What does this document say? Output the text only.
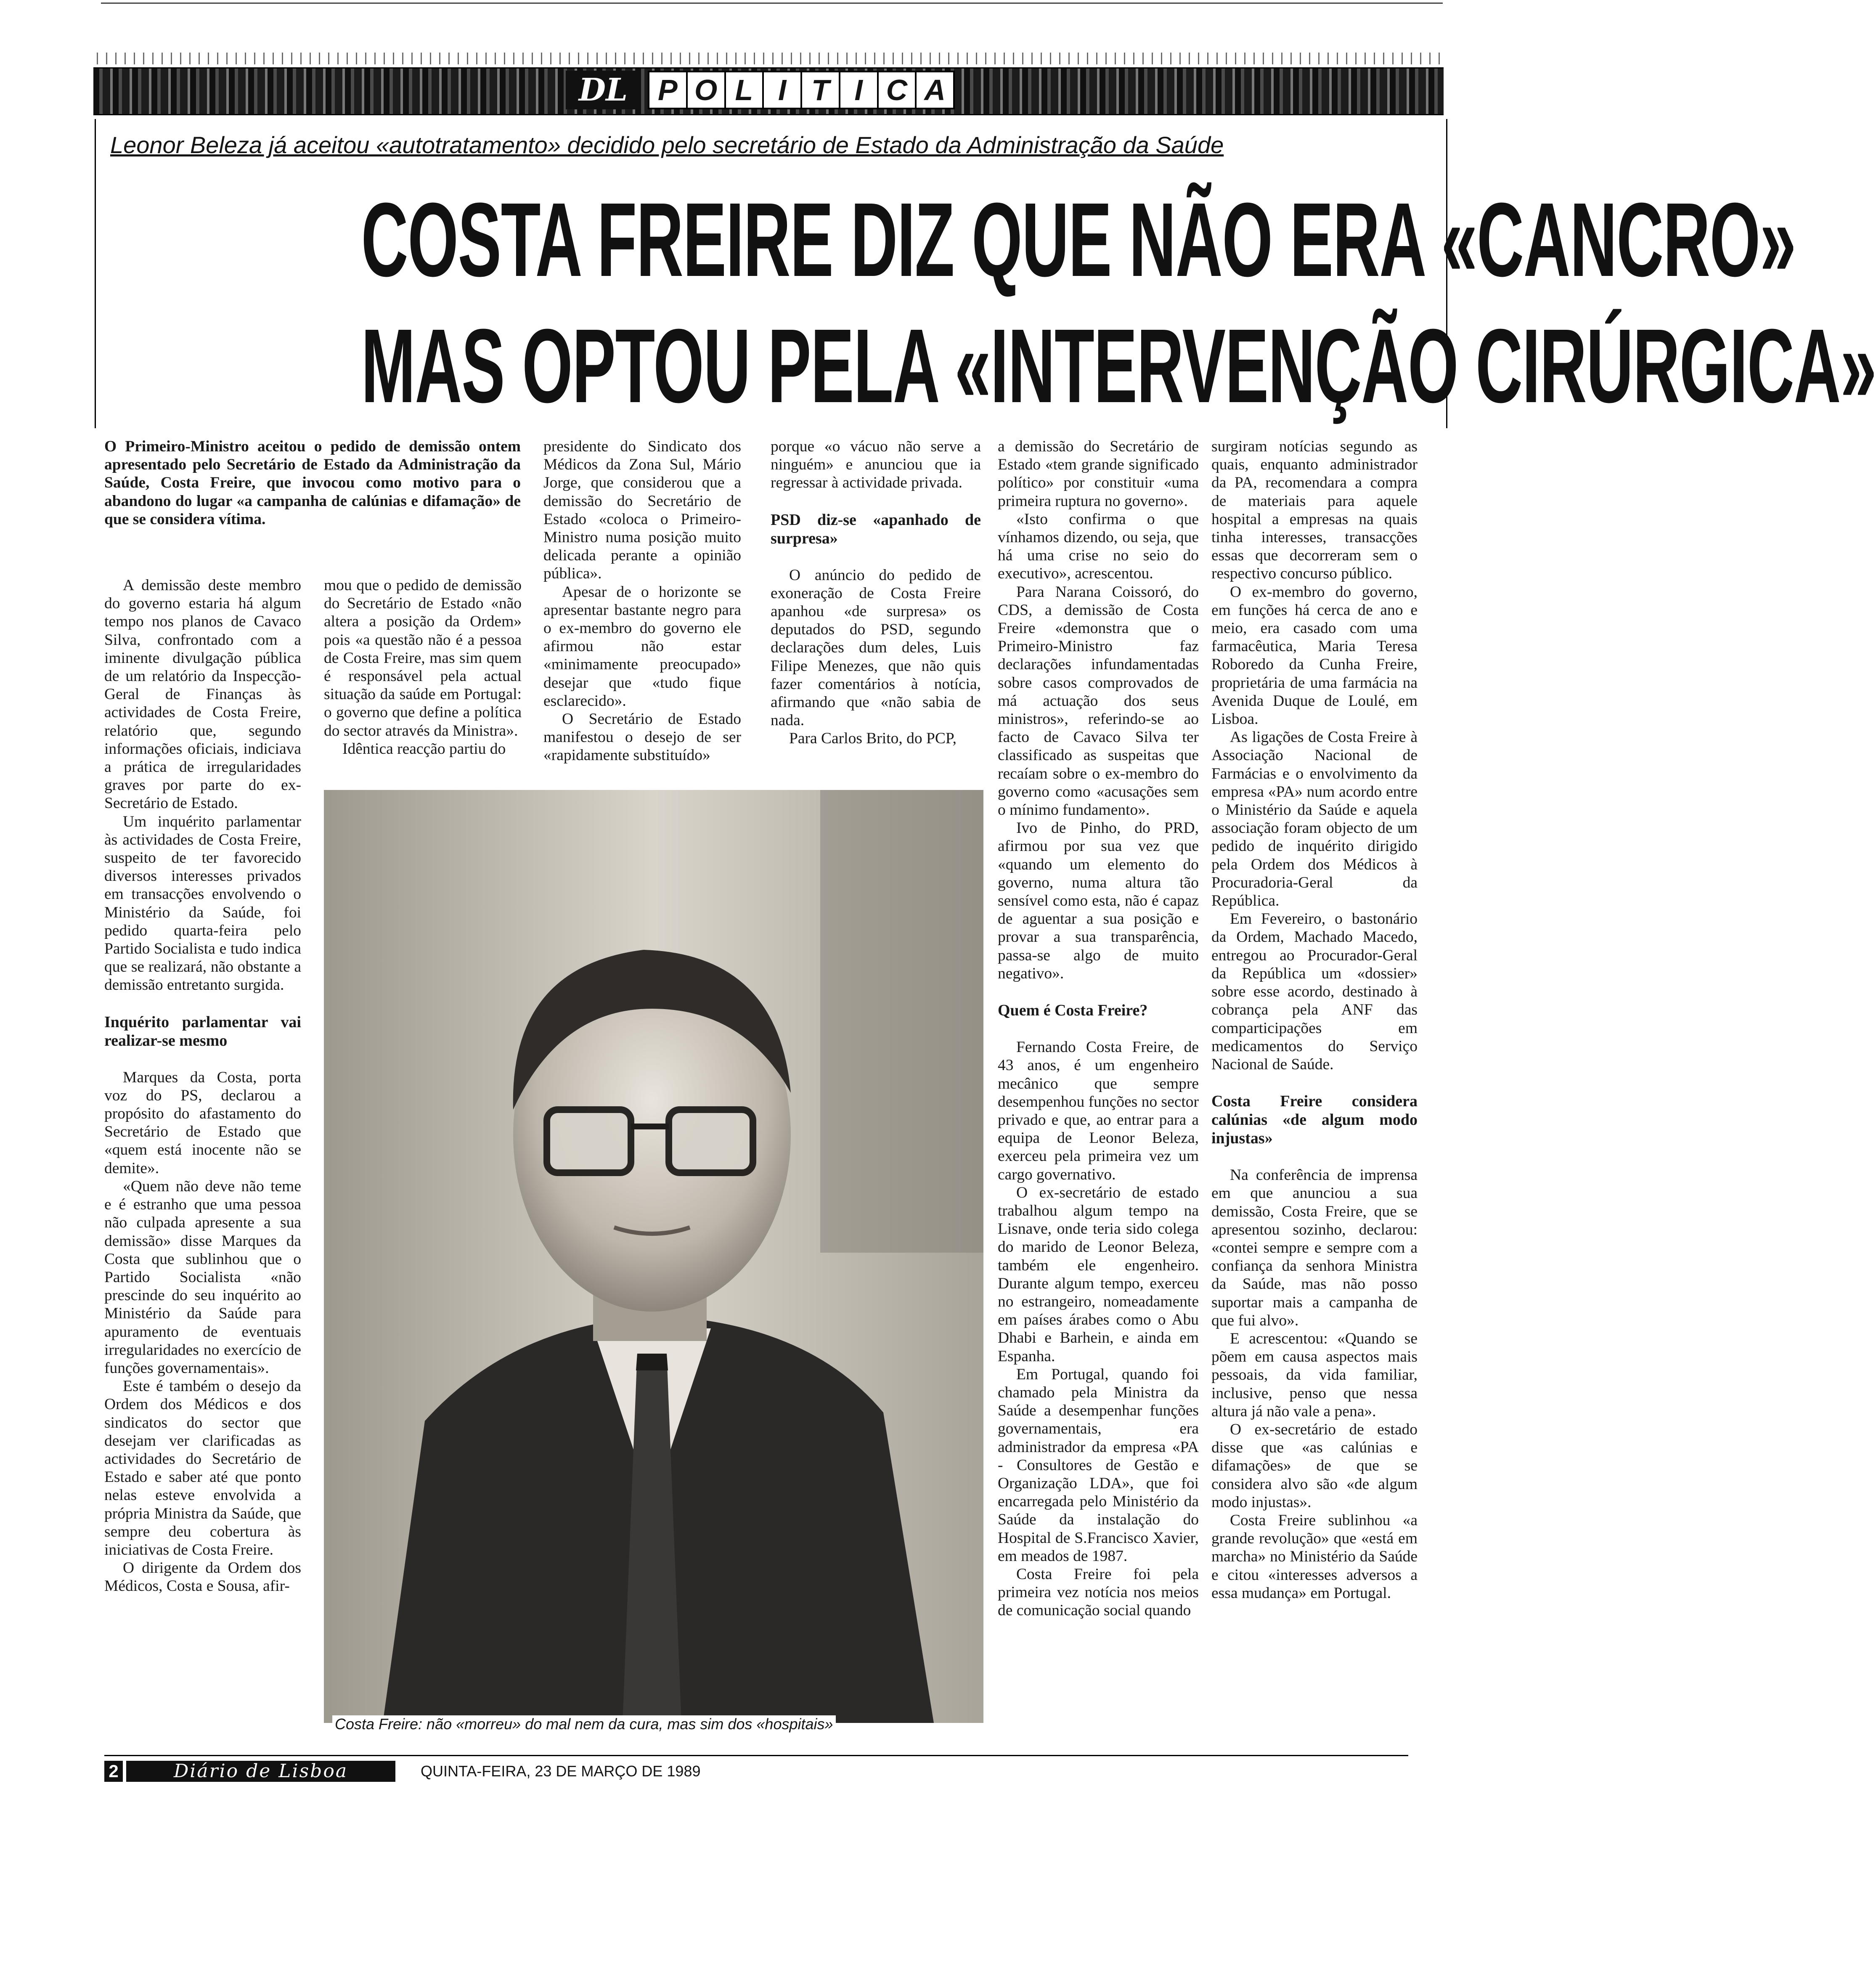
DL	P O L I T I C A
Leonor Beleza já aceitou «autotratamento» decidido pelo secretário de Estado da Administração da Saúde
COSTA FREIRE DIZ QUE NÃO ERA «CANCRO»
MAS OPTOU PELA «INTERVENÇÃO CIRÚRGICA»

O Primeiro-Ministro aceitou o pedido de demissão ontem apresentado pelo Secretário de Estado da Administração da Saúde, Costa Freire, que invocou como motivo para o abandono do lugar «a campanha de calúnias e difamação» de que se considera vítima.

A demissão deste membro do governo estaria há algum tempo nos planos de Cavaco Silva, confrontado com a iminente divulgação pública de um relatório da Inspecção-Geral de Finanças às actividades de Costa Freire, relatório que, segundo informações oficiais, indiciava a prática de irregularidades graves por parte do ex-Secretário de Estado.

Um inquérito parlamentar às actividades de Costa Freire, suspeito de ter favorecido diversos interesses privados em transacções envolvendo o Ministério da Saúde, foi pedido quarta-feira pelo Partido Socialista e tudo indica que se realizará, não obstante a demissão entretanto surgida.

Inquérito parlamentar vai realizar-se mesmo

Marques da Costa, porta voz do PS, declarou a propósito do afastamento do Secretário de Estado que «quem está inocente não se demite».

«Quem não deve não teme e é estranho que uma pessoa não culpada apresente a sua demissão» disse Marques da Costa que sublinhou que o Partido Socialista «não prescinde do seu inquérito ao Ministério da Saúde para apuramento de eventuais irregularidades no exercício de funções governamentais».

Este é também o desejo da Ordem dos Médicos e dos sindicatos do sector que desejam ver clarificadas as actividades do Secretário de Estado e saber até que ponto nelas esteve envolvida a própria Ministra da Saúde, que sempre deu cobertura às iniciativas de Costa Freire.

O dirigente da Ordem dos Médicos, Costa e Sousa, afir-

mou que o pedido de demissão do Secretário de Estado «não altera a posição da Ordem» pois «a questão não é a pessoa de Costa Freire, mas sim quem é responsável pela actual situação da saúde em Portugal: o governo que define a política do sector através da Ministra».

Idêntica reacção partiu do

presidente do Sindicato dos Médicos da Zona Sul, Mário Jorge, que considerou que a demissão do Secretário de Estado «coloca o Primeiro-Ministro numa posição muito delicada perante a opinião pública».

Apesar de o horizonte se apresentar bastante negro para o ex-membro do governo ele afirmou não estar «minimamente preocupado» desejar que «tudo fique esclarecido».

O Secretário de Estado manifestou o desejo de ser «rapidamente substituído»

porque «o vácuo não serve a ninguém» e anunciou que ia regressar à actividade privada.

PSD diz-se «apanhado de surpresa»

O anúncio do pedido de exoneração de Costa Freire apanhou «de surpresa» os deputados do PSD, segundo declarações dum deles, Luis Filipe Menezes, que não quis fazer comentários à notícia, afirmando que «não sabia de nada.

Para Carlos Brito, do PCP,

a demissão do Secretário de Estado «tem grande significado político» por constituir «uma primeira ruptura no governo».

«Isto confirma o que vínhamos dizendo, ou seja, que há uma crise no seio do executivo», acrescentou.

Para Narana Coissoró, do CDS, a demissão de Costa Freire «demonstra que o Primeiro-Ministro faz declarações infundamentadas sobre casos comprovados de má actuação dos seus ministros», referindo-se ao facto de Cavaco Silva ter classificado as suspeitas que recaíam sobre o ex-membro do governo como «acusações sem o mínimo fundamento».

Ivo de Pinho, do PRD, afirmou por sua vez que «quando um elemento do governo, numa altura tão sensível como esta, não é capaz de aguentar a sua posição e provar a sua transparência, passa-se algo de muito negativo».

Quem é Costa Freire?

Fernando Costa Freire, de 43 anos, é um engenheiro mecânico que sempre desempenhou funções no sector privado e que, ao entrar para a equipa de Leonor Beleza, exerceu pela primeira vez um cargo governativo.

O ex-secretário de estado trabalhou algum tempo na Lisnave, onde teria sido colega do marido de Leonor Beleza, também ele engenheiro. Durante algum tempo, exerceu no estrangeiro, nomeadamente em países árabes como o Abu Dhabi e Barhein, e ainda em Espanha.

Em Portugal, quando foi chamado pela Ministra da Saúde a desempenhar funções governamentais, era administrador da empresa «PA - Consultores de Gestão e Organização LDA», que foi encarregada pelo Ministério da Saúde da instalação do Hospital de S.Francisco Xavier, em meados de 1987.

Costa Freire foi pela primeira vez notícia nos meios de comunicação social quando

surgiram notícias segundo as quais, enquanto administrador da PA, recomendara a compra de materiais para aquele hospital a empresas na quais tinha interesses, transacções essas que decorreram sem o respectivo concurso público.

O ex-membro do governo, em funções há cerca de ano e meio, era casado com uma farmacêutica, Maria Teresa Roboredo da Cunha Freire, proprietária de uma farmácia na Avenida Duque de Loulé, em Lisboa.

As ligações de Costa Freire à Associação Nacional de Farmácias e o envolvimento da empresa «PA» num acordo entre o Ministério da Saúde e aquela associação foram objecto de um pedido de inquérito dirigido pela Ordem dos Médicos à Procuradoria-Geral da República.

Em Fevereiro, o bastonário da Ordem, Machado Macedo, entregou ao Procurador-Geral da República um «dossier» sobre esse acordo, destinado à cobrança pela ANF das comparticipações em medicamentos do Serviço Nacional de Saúde.

Costa Freire considera calúnias «de algum modo injustas»

Na conferência de imprensa em que anunciou a sua demissão, Costa Freire, que se apresentou sozinho, declarou: «contei sempre e sempre com a confiança da senhora Ministra da Saúde, mas não posso suportar mais a campanha de que fui alvo».

E acrescentou: «Quando se põem em causa aspectos mais pessoais, da vida familiar, inclusive, penso que nessa altura já não vale a pena».

O ex-secretário de estado disse que «as calúnias e difamações» de que se considera alvo são «de algum modo injustas».

Costa Freire sublinhou «a grande revolução» que «está em marcha» no Ministério da Saúde e citou «interesses adversos a essa mudança» em Portugal.

Costa Freire: não «morreu» do mal nem da cura, mas sim dos «hospitais»
2	Diário de Lisboa	QUINTA-FEIRA, 23 DE MARÇO DE 1989
